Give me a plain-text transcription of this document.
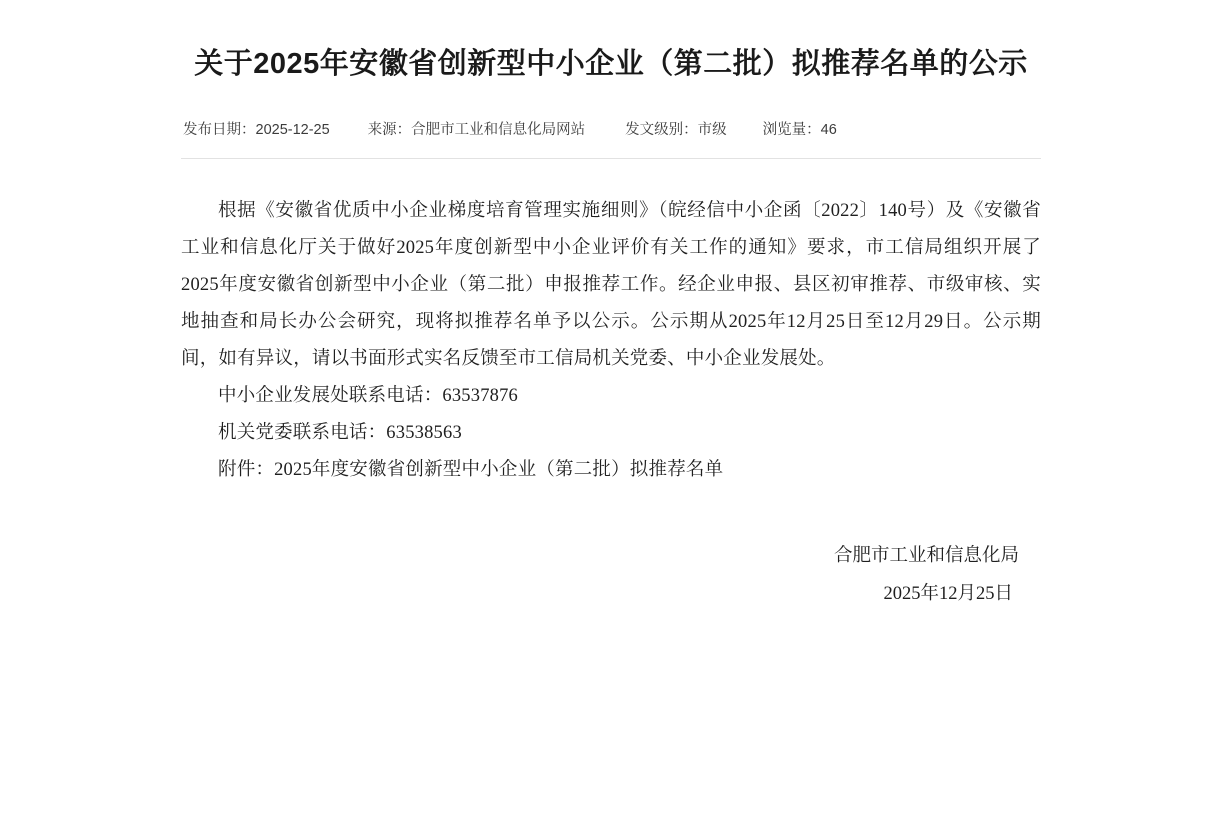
关于2025年安徽省创新型中小企业（第二批）拟推荐名单的公示
发布日期：2025-12-25	来源：合肥市工业和信息化局网站	发文级别：市级 浏览量：46

根据《安徽省优质中小企业梯度培育管理实施细则》（皖经信中小企函〔2022〕140号）及《安徽省工业和信息化厅关于做好2025年度创新型中小企业评价有关工作的通知》要求，市工信局组织开展了2025年度安徽省创新型中小企业（第二批）申报推荐工作。经企业申报、县区初审推荐、市级审核、实地抽查和局长办公会研究，现将拟推荐名单予以公示。公示期从2025年12月25日至12月29日。公示期间，如有异议，请以书面形式实名反馈至市工信局机关党委、中小企业发展处。

中小企业发展处联系电话：63537876

机关党委联系电话：63538563

附件：2025年度安徽省创新型中小企业（第二批）拟推荐名单

合肥市工业和信息化局
2025年12月25日
